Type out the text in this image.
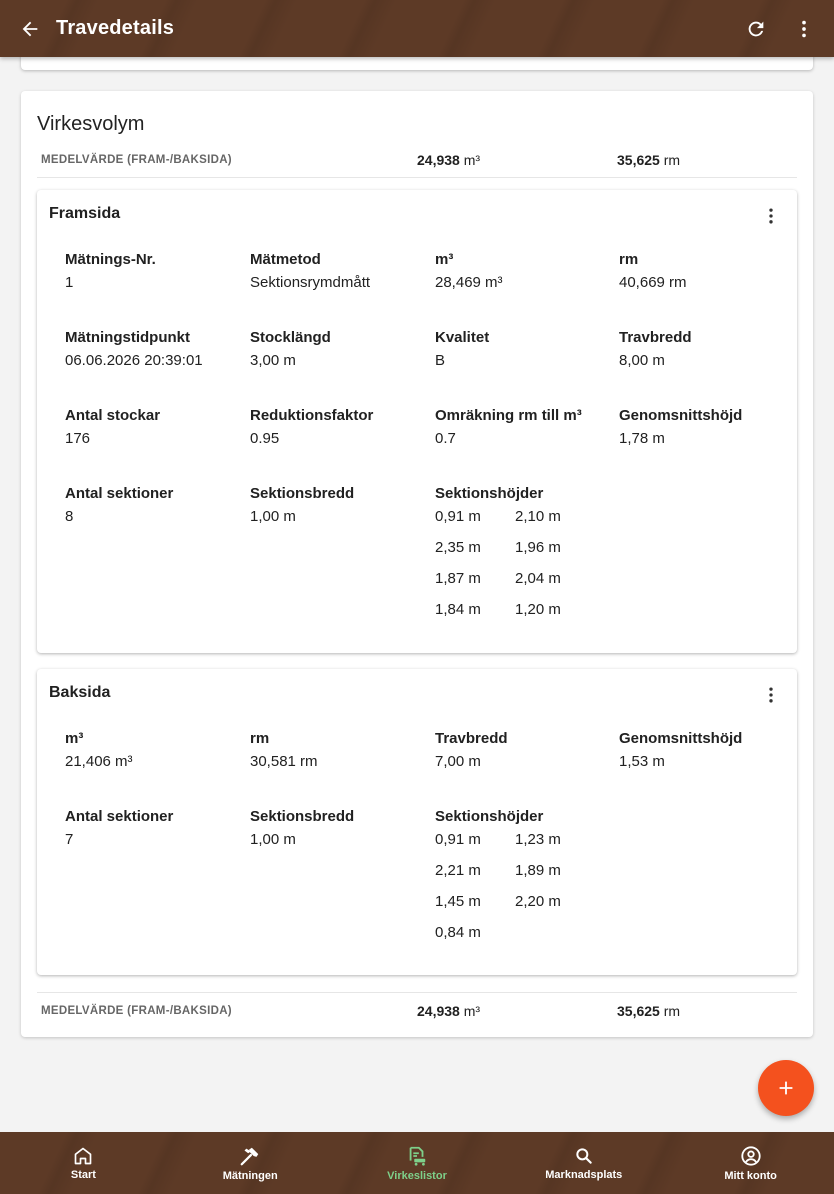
Travedetails
Virkesvolym
MEDELVÄRDE (FRAM-/BAKSIDA)	24,938 m³	35,625 rm
Framsida
Mätnings-Nr.
1
Mätmetod
Sektionsrymdmått
m³
28,469 m³
rm
40,669 rm
Mätningstidpunkt
06.06.2026 20:39:01
Stocklängd
3,00 m
Kvalitet
B
Travbredd
8,00 m
Antal stockar
176
Reduktionsfaktor
0.95
Omräkning rm till m³
0.7
Genomsnittshöjd
1,78 m
Antal sektioner
8
Sektionsbredd
1,00 m
Sektionshöjder
0,91 m	2,10 m
2,35 m	1,96 m
1,87 m	2,04 m
1,84 m	1,20 m
Baksida
m³
21,406 m³
rm
30,581 rm
Travbredd
7,00 m
Genomsnittshöjd
1,53 m
Antal sektioner
7
Sektionsbredd
1,00 m
Sektionshöjder
0,91 m	1,23 m
2,21 m	1,89 m
1,45 m	2,20 m
0,84 m
MEDELVÄRDE (FRAM-/BAKSIDA)	24,938 m³	35,625 rm
Start	Mätningen	Virkeslistor	Marknadsplats	Mitt konto
